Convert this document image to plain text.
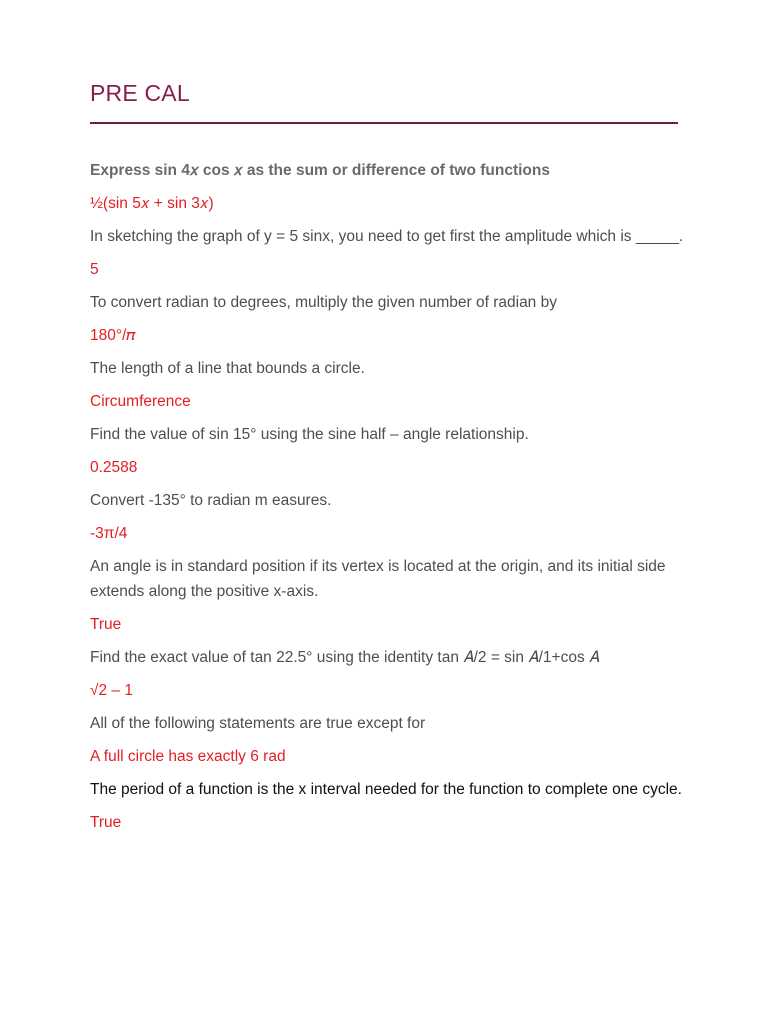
PRE CAL
Express sin 4𝑥 cos 𝑥 as the sum or difference of two functions
½(sin 5𝑥 + sin 3𝑥)
In sketching the graph of y = 5 sinx, you need to get first the amplitude which is _____.
5
To convert radian to degrees, multiply the given number of radian by
180°/𝜋
The length of a line that bounds a circle.
Circumference
Find the value of sin 15° using the sine half – angle relationship.
0.2588
Convert -135° to radian m easures.
-3π/4
An angle is in standard position if its vertex is located at the origin, and its initial side extends along the positive x-axis.
True
Find the exact value of tan 22.5° using the identity tan 𝐴/2 = sin 𝐴/1+cos 𝐴
√2 – 1
All of the following statements are true except for
A full circle has exactly 6 rad
The period of a function is the x interval needed for the function to complete one cycle.
True
